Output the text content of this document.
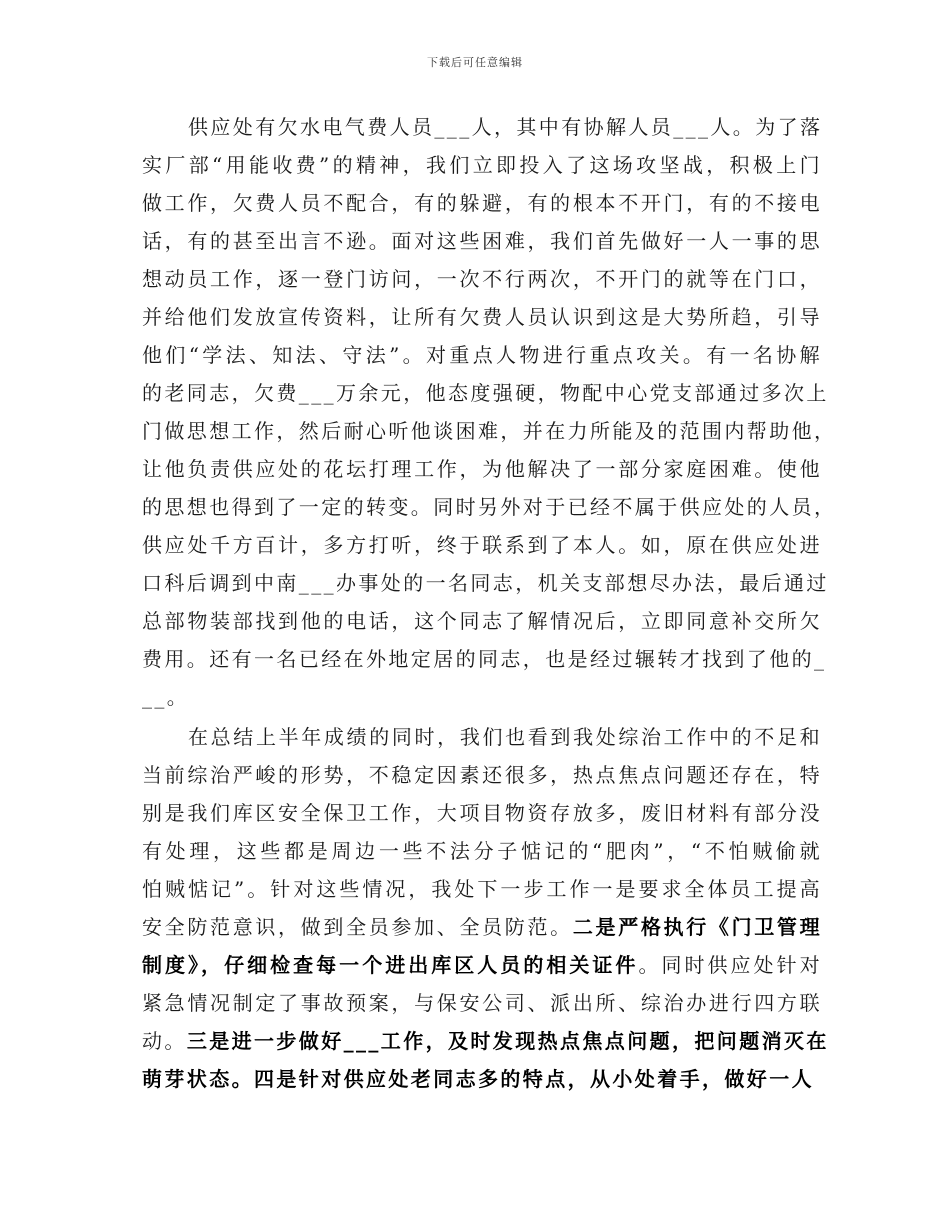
下载后可任意编辑
供应处有欠水电气费人员___人，其中有协解人员___人。为了落
实厂部“用能收费”的精神，我们立即投入了这场攻坚战，积极上门
做工作，欠费人员不配合，有的躲避，有的根本不开门，有的不接电
话，有的甚至出言不逊。面对这些困难，我们首先做好一人一事的思
想动员工作，逐一登门访问，一次不行两次，不开门的就等在门口，
并给他们发放宣传资料，让所有欠费人员认识到这是大势所趋，引导
他们“学法、知法、守法”。对重点人物进行重点攻关。有一名协解
的老同志，欠费___万余元，他态度强硬，物配中心党支部通过多次上
门做思想工作，然后耐心听他谈困难，并在力所能及的范围内帮助他，
让他负责供应处的花坛打理工作，为他解决了一部分家庭困难。使他
的思想也得到了一定的转变。同时另外对于已经不属于供应处的人员，
供应处千方百计，多方打听，终于联系到了本人。如，原在供应处进
口科后调到中南___办事处的一名同志，机关支部想尽办法，最后通过
总部物装部找到他的电话，这个同志了解情况后，立即同意补交所欠
费用。还有一名已经在外地定居的同志，也是经过辗转才找到了他的_
__。
在总结上半年成绩的同时，我们也看到我处综治工作中的不足和
当前综治严峻的形势，不稳定因素还很多，热点焦点问题还存在，特
别是我们库区安全保卫工作，大项目物资存放多，废旧材料有部分没
有处理，这些都是周边一些不法分子惦记的“肥肉”，“不怕贼偷就
怕贼惦记”。针对这些情况，我处下一步工作一是要求全体员工提高
安全防范意识，做到全员参加、全员防范。二是严格执行《门卫管理
制度》，仔细检查每一个进出库区人员的相关证件。同时供应处针对
紧急情况制定了事故预案，与保安公司、派出所、综治办进行四方联
动。三是进一步做好___工作，及时发现热点焦点问题，把问题消灭在
萌芽状态。四是针对供应处老同志多的特点，从小处着手，做好一人
